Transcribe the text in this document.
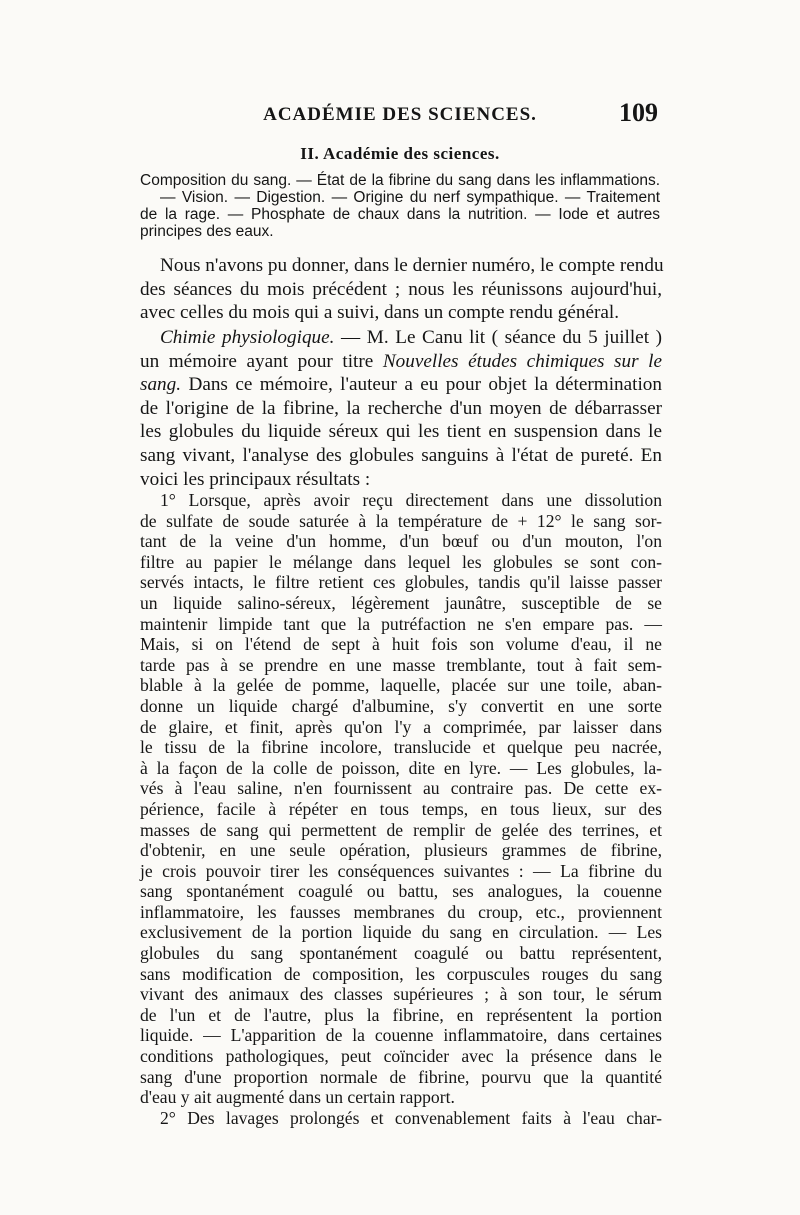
ACADÉMIE DES SCIENCES.	109
II. Académie des sciences.
Composition du sang. — État de la fibrine du sang dans les inflammations.
— Vision. — Digestion. — Origine du nerf sympathique. — Traitement
de la rage. — Phosphate de chaux dans la nutrition. — Iode et autres
principes des eaux.
Nous n'avons pu donner, dans le dernier numéro, le compte rendu
des séances du mois précédent ; nous les réunissons aujourd'hui,
avec celles du mois qui a suivi, dans un compte rendu général.
Chimie physiologique. — M. Le Canu lit ( séance du 5 juillet )
un mémoire ayant pour titre Nouvelles études chimiques sur le
sang. Dans ce mémoire, l'auteur a eu pour objet la détermination
de l'origine de la fibrine, la recherche d'un moyen de débarrasser
les globules du liquide séreux qui les tient en suspension dans le
sang vivant, l'analyse des globules sanguins à l'état de pureté. En
voici les principaux résultats :
1° Lorsque, après avoir reçu directement dans une dissolution
de sulfate de soude saturée à la température de + 12° le sang sor-
tant de la veine d'un homme, d'un bœuf ou d'un mouton, l'on
filtre au papier le mélange dans lequel les globules se sont con-
servés intacts, le filtre retient ces globules, tandis qu'il laisse passer
un liquide salino-séreux, légèrement jaunâtre, susceptible de se
maintenir limpide tant que la putréfaction ne s'en empare pas. —
Mais, si on l'étend de sept à huit fois son volume d'eau, il ne
tarde pas à se prendre en une masse tremblante, tout à fait sem-
blable à la gelée de pomme, laquelle, placée sur une toile, aban-
donne un liquide chargé d'albumine, s'y convertit en une sorte
de glaire, et finit, après qu'on l'y a comprimée, par laisser dans
le tissu de la fibrine incolore, translucide et quelque peu nacrée,
à la façon de la colle de poisson, dite en lyre. — Les globules, la-
vés à l'eau saline, n'en fournissent au contraire pas. De cette ex-
périence, facile à répéter en tous temps, en tous lieux, sur des
masses de sang qui permettent de remplir de gelée des terrines, et
d'obtenir, en une seule opération, plusieurs grammes de fibrine,
je crois pouvoir tirer les conséquences suivantes : — La fibrine du
sang spontanément coagulé ou battu, ses analogues, la couenne
inflammatoire, les fausses membranes du croup, etc., proviennent
exclusivement de la portion liquide du sang en circulation. — Les
globules du sang spontanément coagulé ou battu représentent,
sans modification de composition, les corpuscules rouges du sang
vivant des animaux des classes supérieures ; à son tour, le sérum
de l'un et de l'autre, plus la fibrine, en représentent la portion
liquide. — L'apparition de la couenne inflammatoire, dans certaines
conditions pathologiques, peut coïncider avec la présence dans le
sang d'une proportion normale de fibrine, pourvu que la quantité
d'eau y ait augmenté dans un certain rapport.
2° Des lavages prolongés et convenablement faits à l'eau char-
